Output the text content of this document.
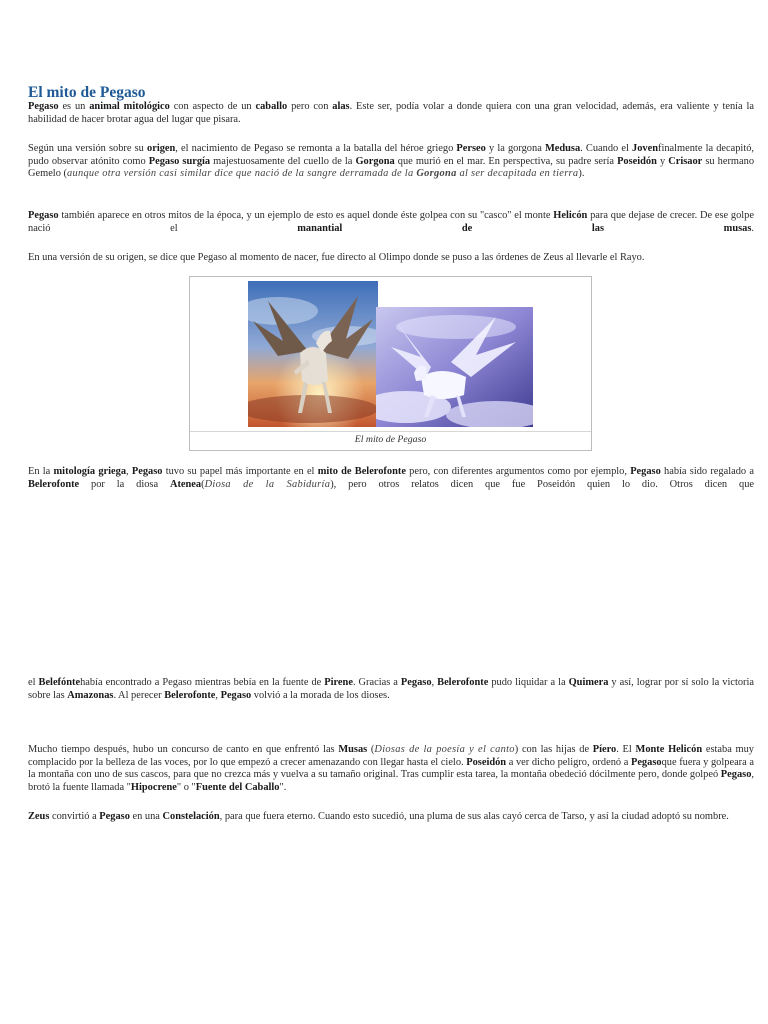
El mito de Pegaso

Pegaso es un animal mitológico con aspecto de un caballo pero con alas. Este ser, podía volar a donde quiera con una gran velocidad, además, era valiente y tenía la habilidad de hacer brotar agua del lugar que pisara.

Según una versión sobre su origen, el nacimiento de Pegaso se remonta a la batalla del héroe griego Perseo y la gorgona Medusa. Cuando el Jovenfinalmente la decapitó, pudo observar atónito como Pegaso surgía majestuosamente del cuello de la Gorgona que murió en el mar. En perspectiva, su padre sería Poseidón y Crisaor su hermano Gemelo (aunque otra versión casi similar dice que nació de la sangre derramada de la Gorgona al ser decapitada en tierra).

Pegaso también aparece en otros mitos de la época, y un ejemplo de esto es aquel donde éste golpea con su "casco" el monte Helicón para que dejase de crecer. De ese golpe nació el manantial de las musas.

En una versión de su origen, se dice que Pegaso al momento de nacer, fue directo al Olimpo donde se puso a las órdenes de Zeus al llevarle el Rayo.

El mito de Pegaso

En la mitología griega, Pegaso tuvo su papel más importante en el mito de Belerofonte pero, con diferentes argumentos como por ejemplo, Pegaso había sido regalado a Belerofonte por la diosa Atenea(Diosa de la Sabiduría), pero otros relatos dicen que fue Poseidón quien lo dio. Otros dicen que

el Belefóntehabía encontrado a Pegaso mientras bebía en la fuente de Pirene. Gracias a Pegaso, Belerofonte pudo liquidar a la Quimera y así, lograr por sí solo la victoria sobre las Amazonas. Al perecer Belerofonte, Pegaso volvió a la morada de los dioses.

Mucho tiempo después, hubo un concurso de canto en que enfrentó las Musas (Diosas de la poesía y el canto) con las hijas de Píero. El Monte Helicón estaba muy complacido por la belleza de las voces, por lo que empezó a crecer amenazando con llegar hasta el cielo. Poseidón a ver dicho peligro, ordenó a Pegasoque fuera y golpeara a la montaña con uno de sus cascos, para que no crezca más y vuelva a su tamaño original. Tras cumplir esta tarea, la montaña obedeció dócilmente pero, donde golpeó Pegaso, brotó la fuente llamada "Hipocrene" o "Fuente del Caballo".

Zeus convirtió a Pegaso en una Constelación, para que fuera eterno. Cuando esto sucedió, una pluma de sus alas cayó cerca de Tarso, y así la ciudad adoptó su nombre.
